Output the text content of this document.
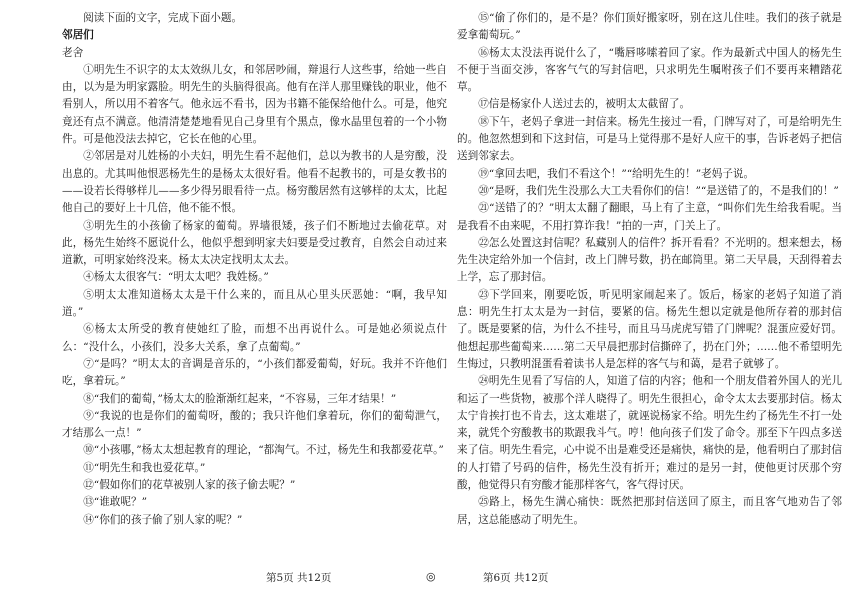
阅读下面的文字，完成下面小题。

邻居们

老舍

①明先生不识字的太太效纵儿女，和邻居吵闹，辩退行人这些事，给她一些自由，以为是为明家露脸。明先生的头脑得很高。他有在洋人那里赚钱的职业，他不看别人，所以用不着客气。他永远不看书，因为书籍不能保给他什么。可是，他究竟还有点不满意。他清清楚楚地看见自己身里有个黑点，像水晶里包着的一个小物件。可是他没法去掉它，它长在他的心里。

②邻居是对儿姓杨的小夫妇，明先生看不起他们，总以为教书的人是穷酸，没出息的。尤其叫他恨恶杨先生的是杨太太很好看。他看不起教书的，可是女教书的——设若长得够样儿——多少得另眼看待一点。杨穷酸居然有这够样的太太，比起他自己的要好上十几倍，他不能不恨。

③明先生的小孩偷了杨家的葡萄。界墙很矮，孩子们不断地过去偷花草。对此，杨先生始终不愿说什么，他似乎想到明家夫妇要是受过教育，自然会自动过来道歉，可明家始终没来。杨太太决定找明太太去。

④杨太太很客气：“明太太吧？我姓杨。”

⑤明太太准知道杨太太是干什么来的，而且从心里头厌恶她：“啊，我早知道。”

⑥杨太太所受的教育使她红了脸，而想不出再说什么。可是她必须说点什么：“没什么，小孩们，没多大关系，拿了点葡萄。”

⑦“是吗？”明太太的音调是音乐的，“小孩们都爱葡萄，好玩。我并不许他们吃，拿着玩。”

⑧“我们的葡萄，”杨太太的脸渐渐红起来，“不容易，三年才结果！”

⑨“我说的也是你们的葡萄呀，酸的；我只许他们拿着玩，你们的葡萄泄气，才结那么一点！”

⑩“小孩哪，”杨太太想起教育的理论，“都淘气。不过，杨先生和我都爱花草。”

⑪“明先生和我也爱花草。”

⑫“假如你们的花草被别人家的孩子偷去呢？”

⑬“谁敢呢？”

⑭“你们的孩子偷了别人家的呢？”

⑮“偷了你们的，是不是？你们顶好搬家呀，别在这儿住哇。我们的孩子就是爱拿葡萄玩。”

⑯杨太太没法再说什么了，“嘴唇哆嗦着回了家。作为最新式中国人的杨先生不便于当面交涉，客客气气的写封信吧，只求明先生嘱咐孩子们不要再来糟踏花草。

⑰信是杨家仆人送过去的，被明太太截留了。

⑱下午，老妈子拿进一封信来。杨先生接过一看，门牌写对了，可是给明先生的。他忽然想到和下这封信，可是马上觉得那不是好人应干的事，告诉老妈子把信送到邻家去。

⑲“拿回去吧，我们不看这个！”“给明先生的！”老妈子说。

⑳“是呀，我们先生没那么大工夫看你们的信！”“是送错了的，不是我们的！”

㉑“送错了的？”明太太翻了翻眼，马上有了主意，“叫你们先生给我看呢。当是我看不由来呢，不用打算诈我！”拍的一声，门关上了。

㉒怎么处置这封信呢？私藏别人的信件？拆开看看？不光明的。想来想去，杨先生决定给外加一个信封，改上门牌号数，扔在邮筒里。第二天早晨，天刮得着去上学，忘了那封信。

㉓下学回来，刚要吃饭，听见明家闹起来了。饭后，杨家的老妈子知道了消息：明先生打太太是为一封信，要紧的信。杨先生想以定就是他所存着的那封信了。既是要紧的信，为什么不挂号，而且马马虎虎写错了门牌呢？混蛋应爱好罚。他想起那些葡萄来……第二天早晨把那封信撕碎了，扔在门外；……他不希望明先生悔过，只教明混蛋看着读书人是怎样的客气与和蔼，是君子就够了。

㉔明先生见看了写信的人，知道了信的内容；他和一个朋友借着外国人的光儿和运了一些货物，被那个洋人晓得了。明先生很担心，命令太太去要那封信。杨太太宁肯挨打也不肯去，这太难堪了，就诬说杨家不给。明先生约了杨先生不打一处来，就凭个穷酸教书的欺跟我斗气。哼！他向孩子们发了命令。那至下午四点多送来了信。明先生看完，心中说不出是难受还是痛快，痛快的是，他看明白了那封信的人打错了号码的信件，杨先生没有折开；难过的是另一封，使他更讨厌那个穷酸，他觉得只有穷酸才能那样客气，客气得讨厌。

㉕路上，杨先生满心痛快：既然把那封信送回了原主，而且客气地劝告了邻居，这总能感动了明先生。

第5页 共12页	◎	第6页 共12页
